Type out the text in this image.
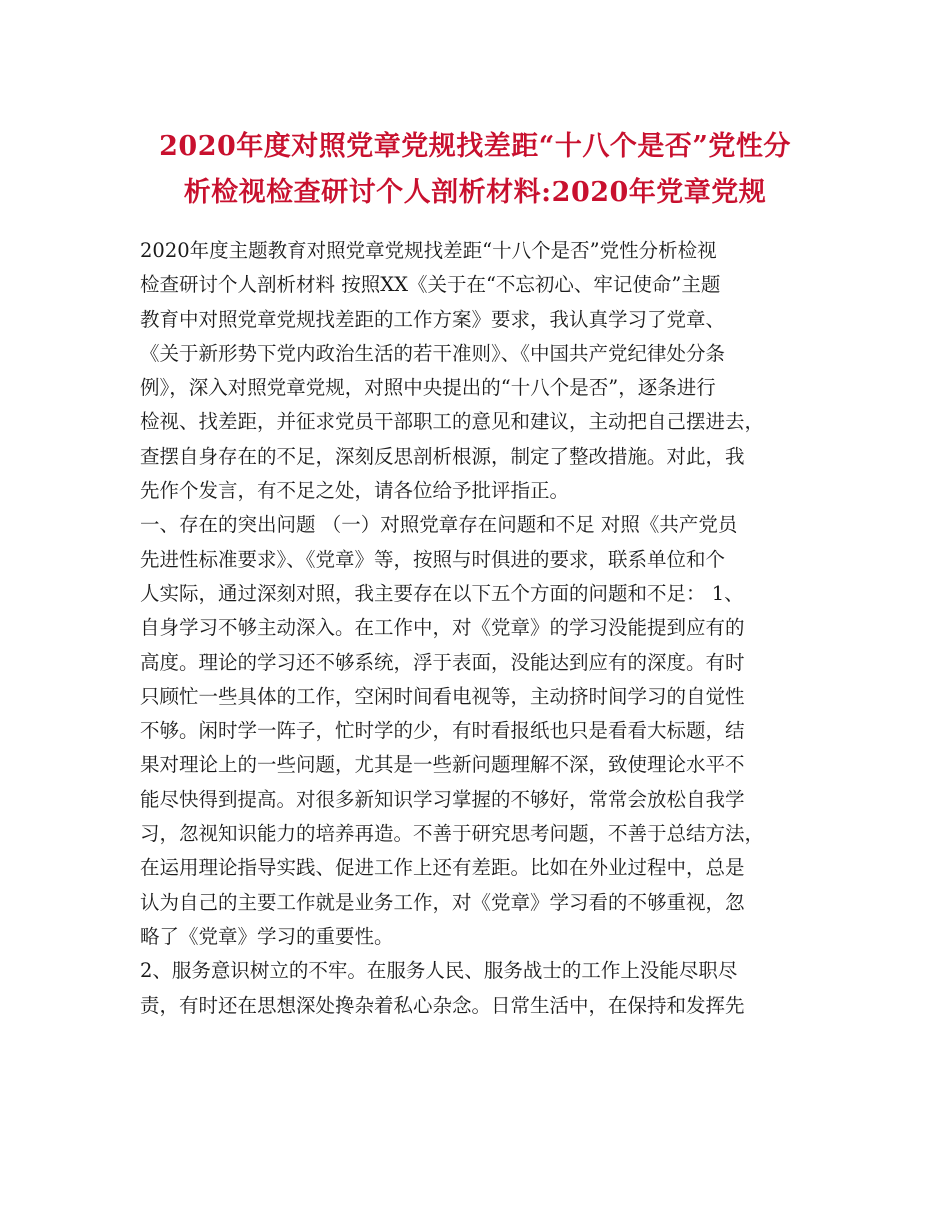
2020年度对照党章党规找差距“十八个是否”党性分
析检视检查研讨个人剖析材料:2020年党章党规
2020年度主题教育对照党章党规找差距“十八个是否”党性分析检视
检查研讨个人剖析材料 按照XX《关于在“不忘初心、牢记使命”主题
教育中对照党章党规找差距的工作方案》要求，我认真学习了党章、
《关于新形势下党内政治生活的若干准则》、《中国共产党纪律处分条
例》，深入对照党章党规，对照中央提出的“十八个是否”，逐条进行
检视、找差距，并征求党员干部职工的意见和建议，主动把自己摆进去，
查摆自身存在的不足，深刻反思剖析根源，制定了整改措施。对此，我
先作个发言，有不足之处，请各位给予批评指正。
一、存在的突出问题 （一）对照党章存在问题和不足 对照《共产党员
先进性标准要求》、《党章》等，按照与时俱进的要求，联系单位和个
人实际，通过深刻对照，我主要存在以下五个方面的问题和不足： 1、
自身学习不够主动深入。在工作中，对《党章》的学习没能提到应有的
高度。理论的学习还不够系统，浮于表面，没能达到应有的深度。有时
只顾忙一些具体的工作，空闲时间看电视等，主动挤时间学习的自觉性
不够。闲时学一阵子，忙时学的少，有时看报纸也只是看看大标题，结
果对理论上的一些问题，尤其是一些新问题理解不深，致使理论水平不
能尽快得到提高。对很多新知识学习掌握的不够好，常常会放松自我学
习，忽视知识能力的培养再造。不善于研究思考问题，不善于总结方法，
在运用理论指导实践、促进工作上还有差距。比如在外业过程中，总是
认为自己的主要工作就是业务工作，对《党章》学习看的不够重视，忽
略了《党章》学习的重要性。
2、服务意识树立的不牢。在服务人民、服务战士的工作上没能尽职尽
责，有时还在思想深处搀杂着私心杂念。日常生活中，在保持和发挥先
